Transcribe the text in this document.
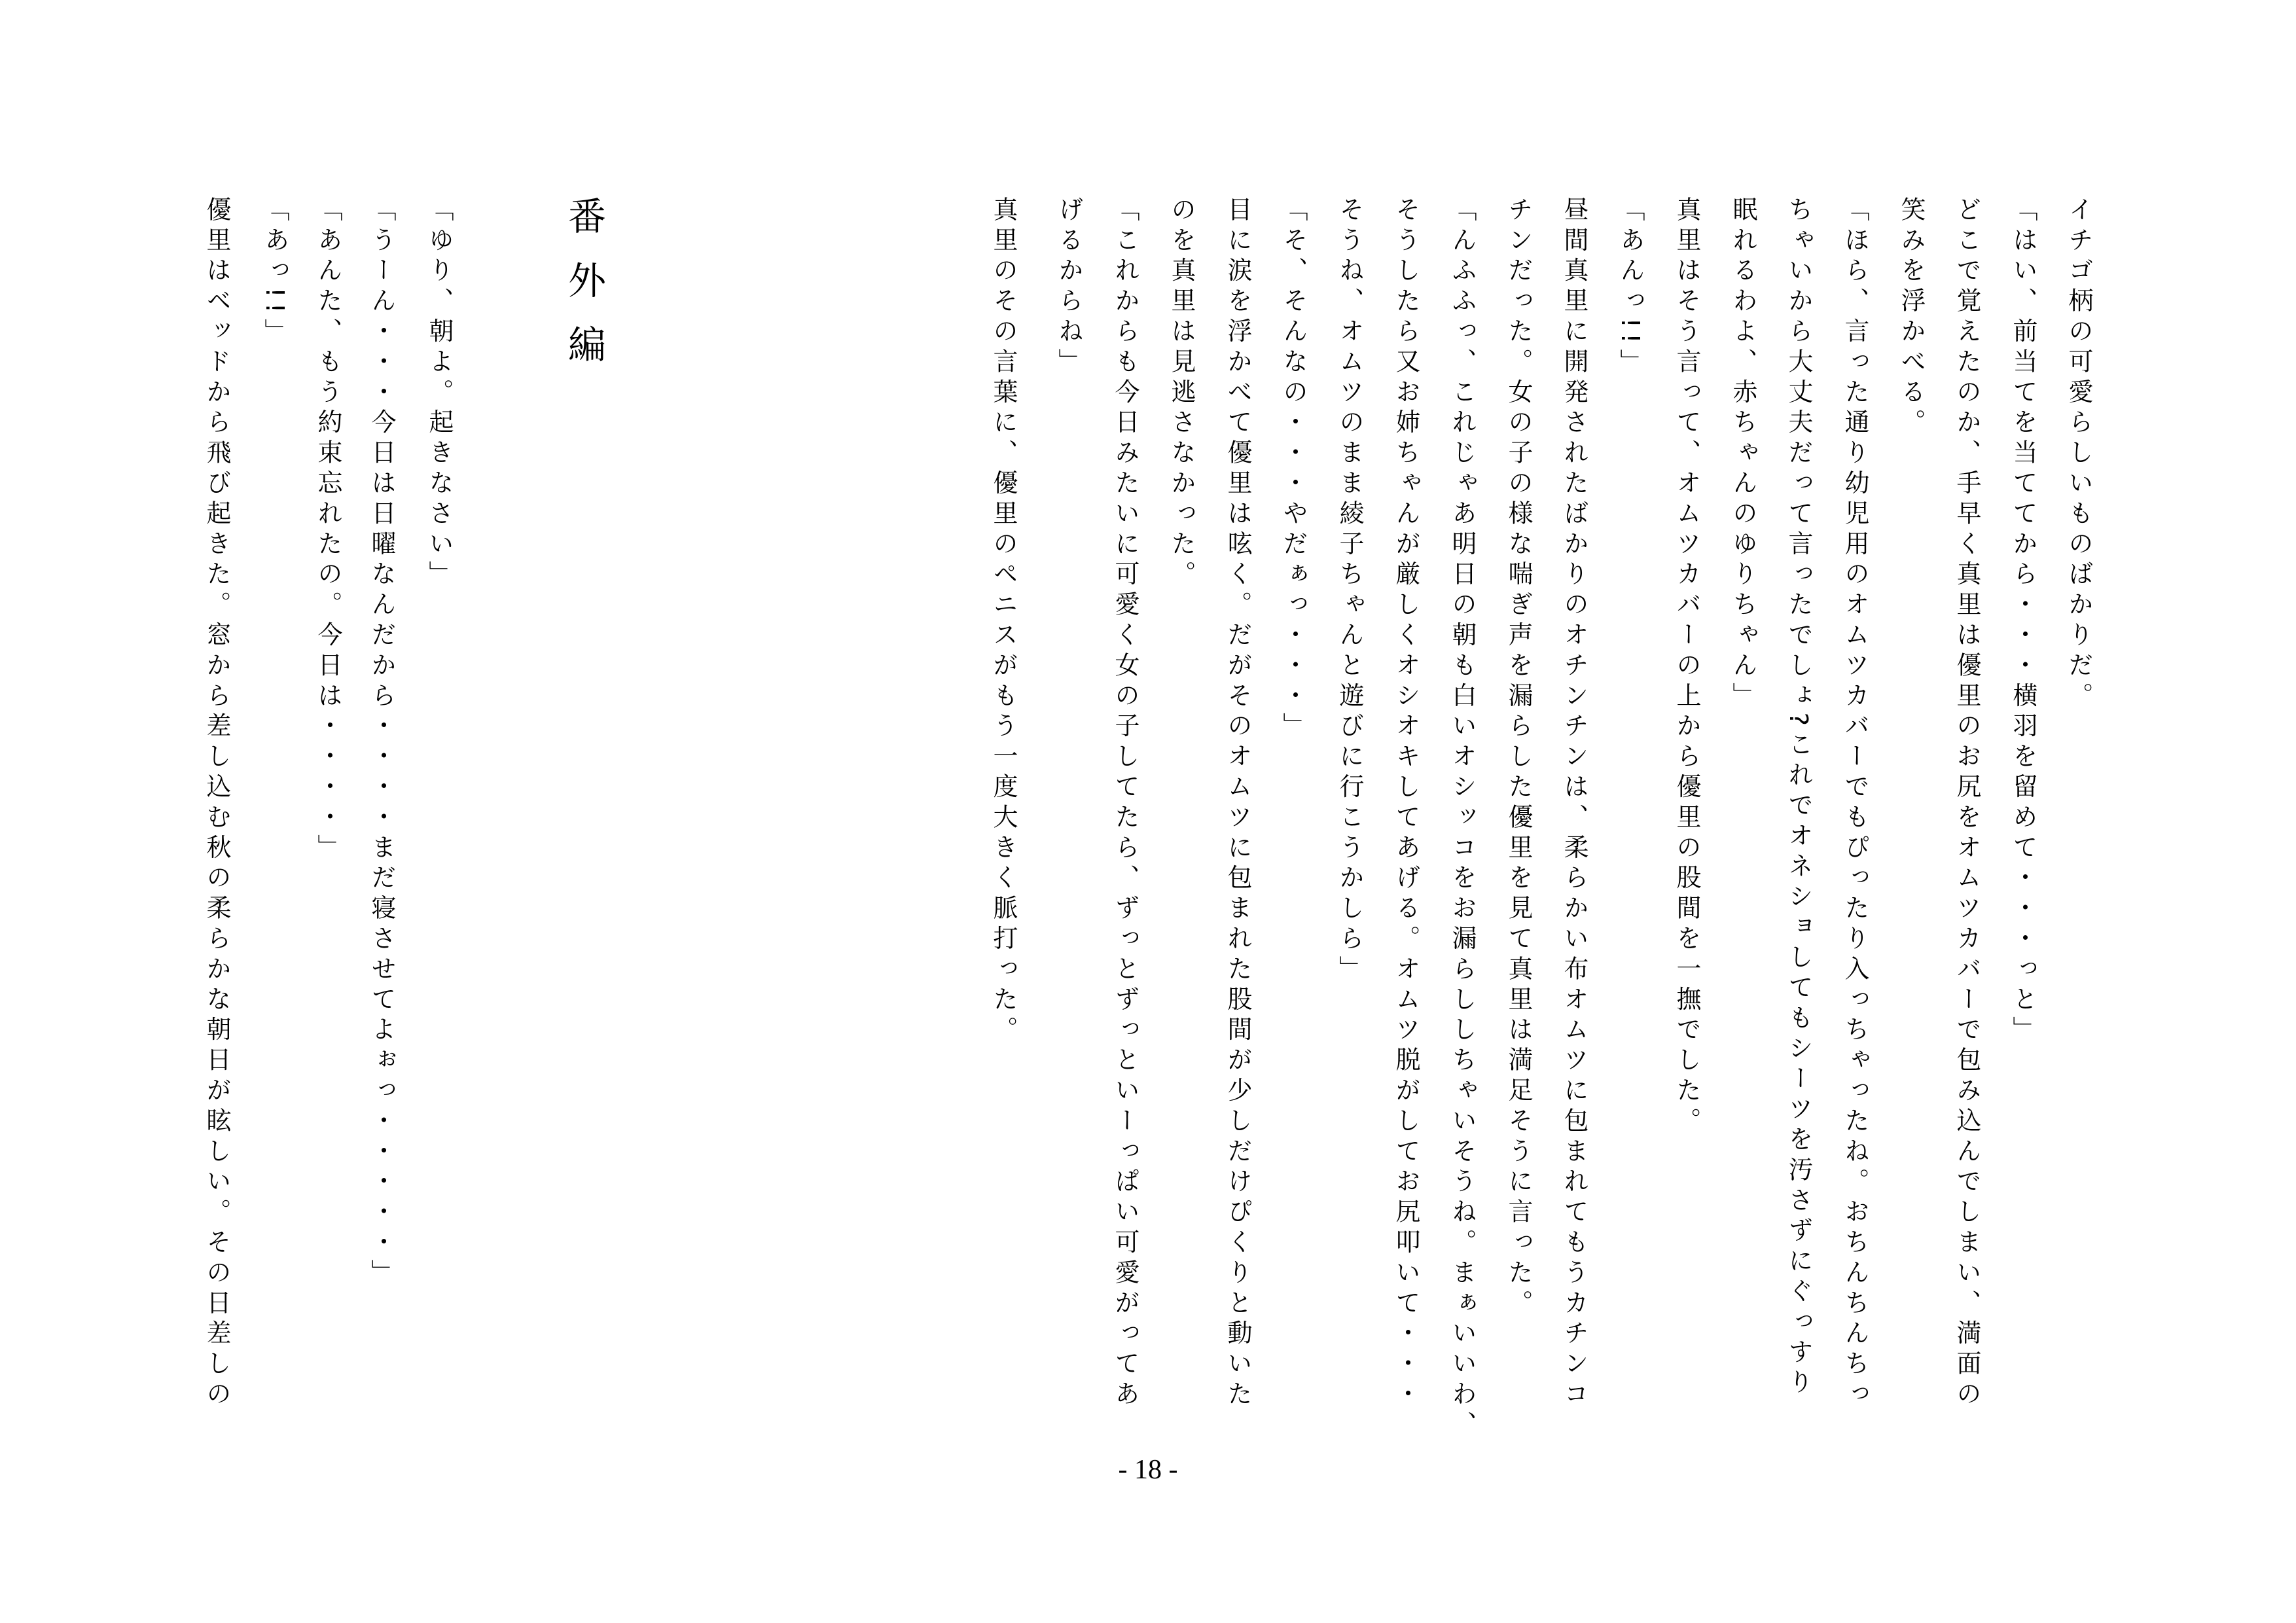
イチゴ柄の可愛らしいものばかりだ。

「はい、前当てを当ててから・・・横羽を留めて・・・っと」

どこで覚えたのか、手早く真里は優里のお尻をオムツカバーで包み込んでしまい、満面の

笑みを浮かべる。

「ほら、言った通り幼児用のオムツカバーでもぴったり入っちゃったね。おちんちんちっ

ちゃいから大丈夫だって言ったでしょ?これでオネショしてもシーツを汚さずにぐっすり

眠れるわよ、赤ちゃんのゆりちゃん」

真里はそう言って、オムツカバーの上から優里の股間を一撫でした。

「あんっ!!」

昼間真里に開発されたばかりのオチンチンは、柔らかい布オムツに包まれてもうカチンコ

チンだった。女の子の様な喘ぎ声を漏らした優里を見て真里は満足そうに言った。

「んふふっ、これじゃあ明日の朝も白いオシッコをお漏らししちゃいそうね。まぁいいわ、

そうしたら又お姉ちゃんが厳しくオシオキしてあげる。オムツ脱がしてお尻叩いて・・・

そうね、オムツのまま綾子ちゃんと遊びに行こうかしら」

「そ、そんなの・・・やだぁっ・・・」

目に涙を浮かべて優里は呟く。だがそのオムツに包まれた股間が少しだけぴくりと動いた

のを真里は見逃さなかった。

「これからも今日みたいに可愛く女の子してたら、ずっとずっといーっぱい可愛がってあ

げるからね」

真里のその言葉に、優里のペニスがもう一度大きく脈打った。

番外編

「ゆり、朝よ。起きなさい」

「うーん・・・今日は日曜なんだから・・・・まだ寝させてよぉっ・・・・・」

「あんた、もう約束忘れたの。今日は・・・・」

「あっ!!」

優里はベッドから飛び起きた。窓から差し込む秋の柔らかな朝日が眩しい。その日差しの

- 18 -
